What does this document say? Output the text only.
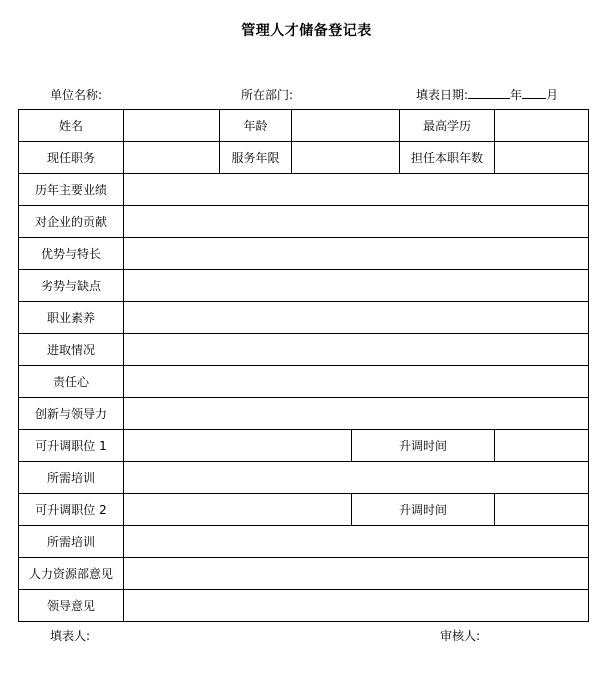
管理人才储备登记表
单位名称:	所在部门:	填表日期:	年 月
姓名		年龄			最高学历	
现任职务		服务年限			担任本职年数	
历年主要业绩						
对企业的贡献						
优势与特长						
劣势与缺点						
职业素养						
进取情况						
责任心						
创新与领导力						
可升调职位 1				升调时间		
所需培训						
可升调职位 2				升调时间		
所需培训						
人力资源部意见						
领导意见						
填表人:	审核人:
